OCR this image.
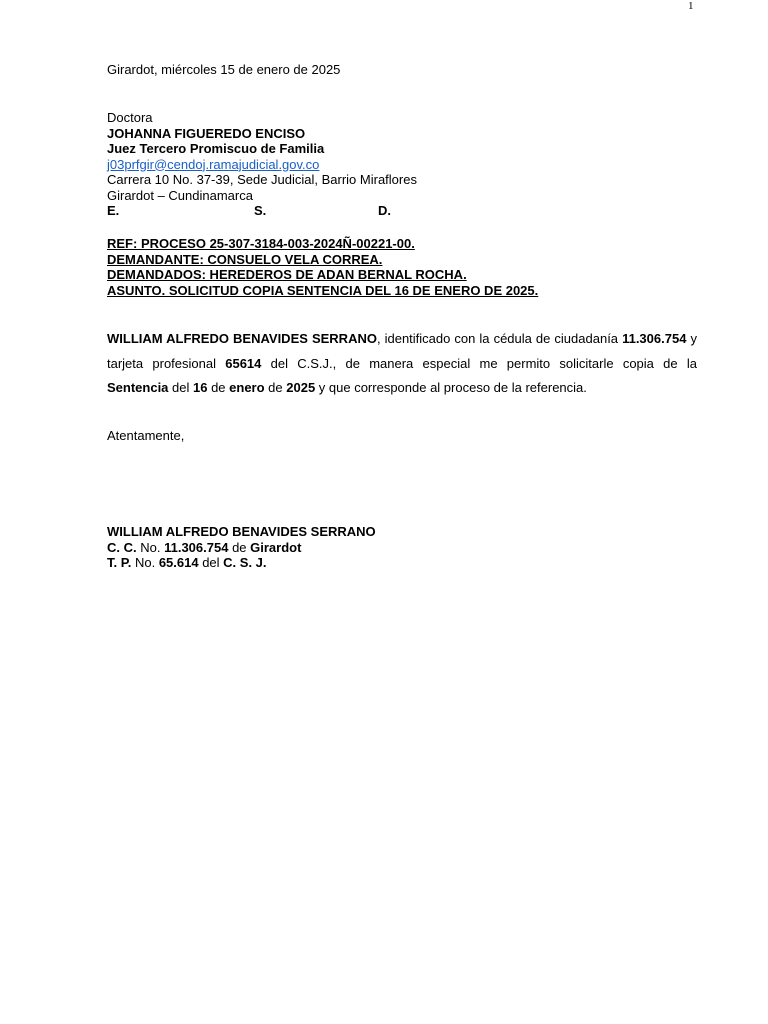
1
Girardot, miércoles 15 de enero de 2025
Doctora
JOHANNA FIGUEREDO ENCISO
Juez Tercero Promiscuo de Familia
j03prfgir@cendoj.ramajudicial.gov.co
Carrera 10 No. 37-39, Sede Judicial, Barrio Miraflores
Girardot – Cundinamarca
E.	S.	D.
REF: PROCESO 25-307-3184-003-2024Ñ-00221-00.
DEMANDANTE: CONSUELO VELA CORREA.
DEMANDADOS: HEREDEROS DE ADAN BERNAL ROCHA.
ASUNTO. SOLICITUD COPIA SENTENCIA DEL 16 DE ENERO DE 2025.
WILLIAM ALFREDO BENAVIDES SERRANO, identificado con la cédula de ciudadanía 11.306.754 y
tarjeta profesional 65614 del C.S.J., de manera especial me permito solicitarle copia de la
Sentencia del 16 de enero de 2025 y que corresponde al proceso de la referencia.
Atentamente,
WILLIAM ALFREDO BENAVIDES SERRANO
C. C. No. 11.306.754 de Girardot
T. P. No. 65.614 del C. S. J.
